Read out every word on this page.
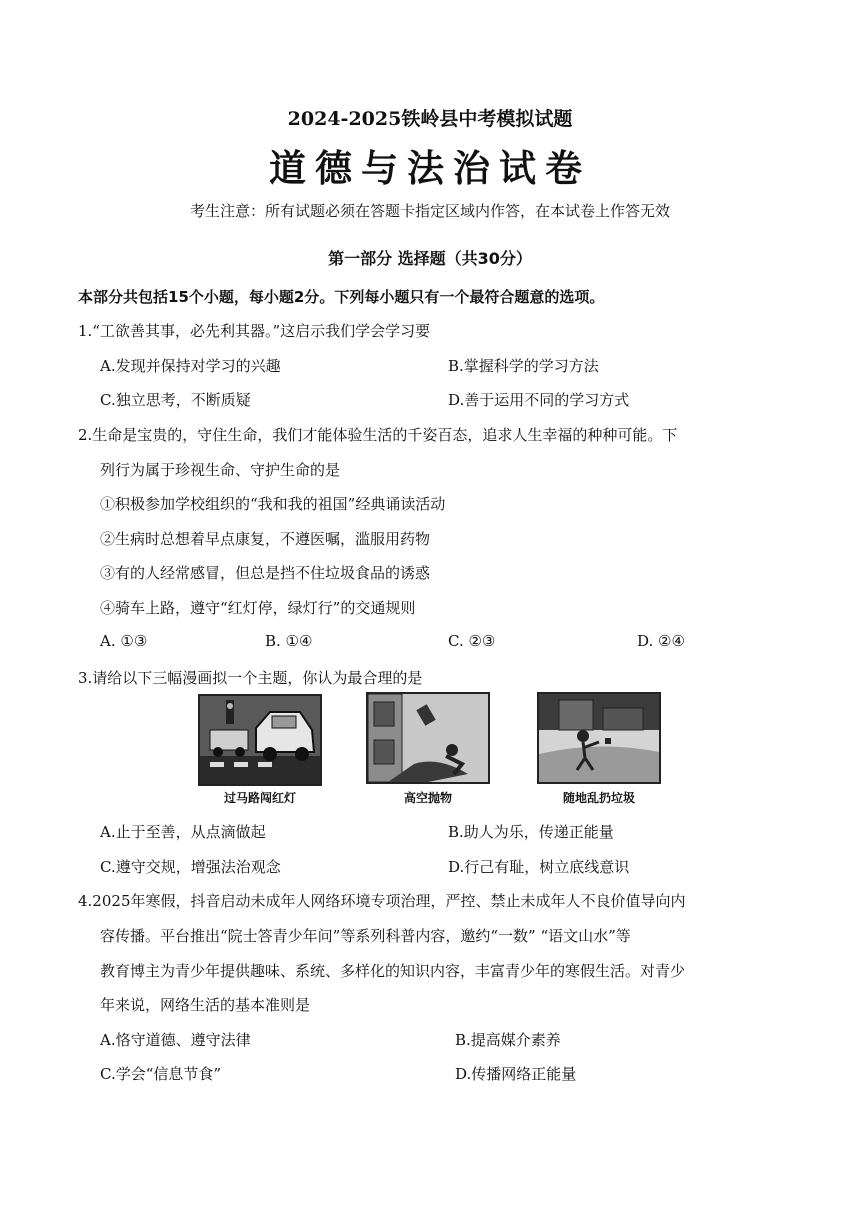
2024-2025铁岭县中考模拟试题
道德与法治试卷
考生注意：所有试题必须在答题卡指定区域内作答，在本试卷上作答无效
第一部分 选择题（共30分）
本部分共包括15个小题，每小题2分。下列每小题只有一个最符合题意的选项。
1.“工欲善其事，必先利其器。”这启示我们学会学习要
A.发现并保持对学习的兴趣	B.掌握科学的学习方法
C.独立思考，不断质疑	D.善于运用不同的学习方式
2.生命是宝贵的，守住生命，我们才能体验生活的千姿百态，追求人生幸福的种种可能。下
列行为属于珍视生命、守护生命的是
①积极参加学校组织的“我和我的祖国”经典诵读活动
②生病时总想着早点康复，不遵医嘱，滥服用药物
③有的人经常感冒，但总是挡不住垃圾食品的诱惑
④骑车上路，遵守“红灯停，绿灯行”的交通规则
A. ①③	B. ①④	C. ②③	D. ②④
3.请给以下三幅漫画拟一个主题，你认为最合理的是
过马路闯红灯	高空抛物	随地乱扔垃圾
A.止于至善，从点滴做起	B.助人为乐，传递正能量
C.遵守交规，增强法治观念	D.行己有耻，树立底线意识
4.2025年寒假，抖音启动未成年人网络环境专项治理，严控、禁止未成年人不良价值导向内
容传播。平台推出“院士答青少年问”等系列科普内容，邀约“一数” “语文山水”等
教育博主为青少年提供趣味、系统、多样化的知识内容，丰富青少年的寒假生活。对青少
年来说，网络生活的基本准则是
A.恪守道德、遵守法律	B.提高媒介素养
C.学会“信息节食”	D.传播网络正能量
